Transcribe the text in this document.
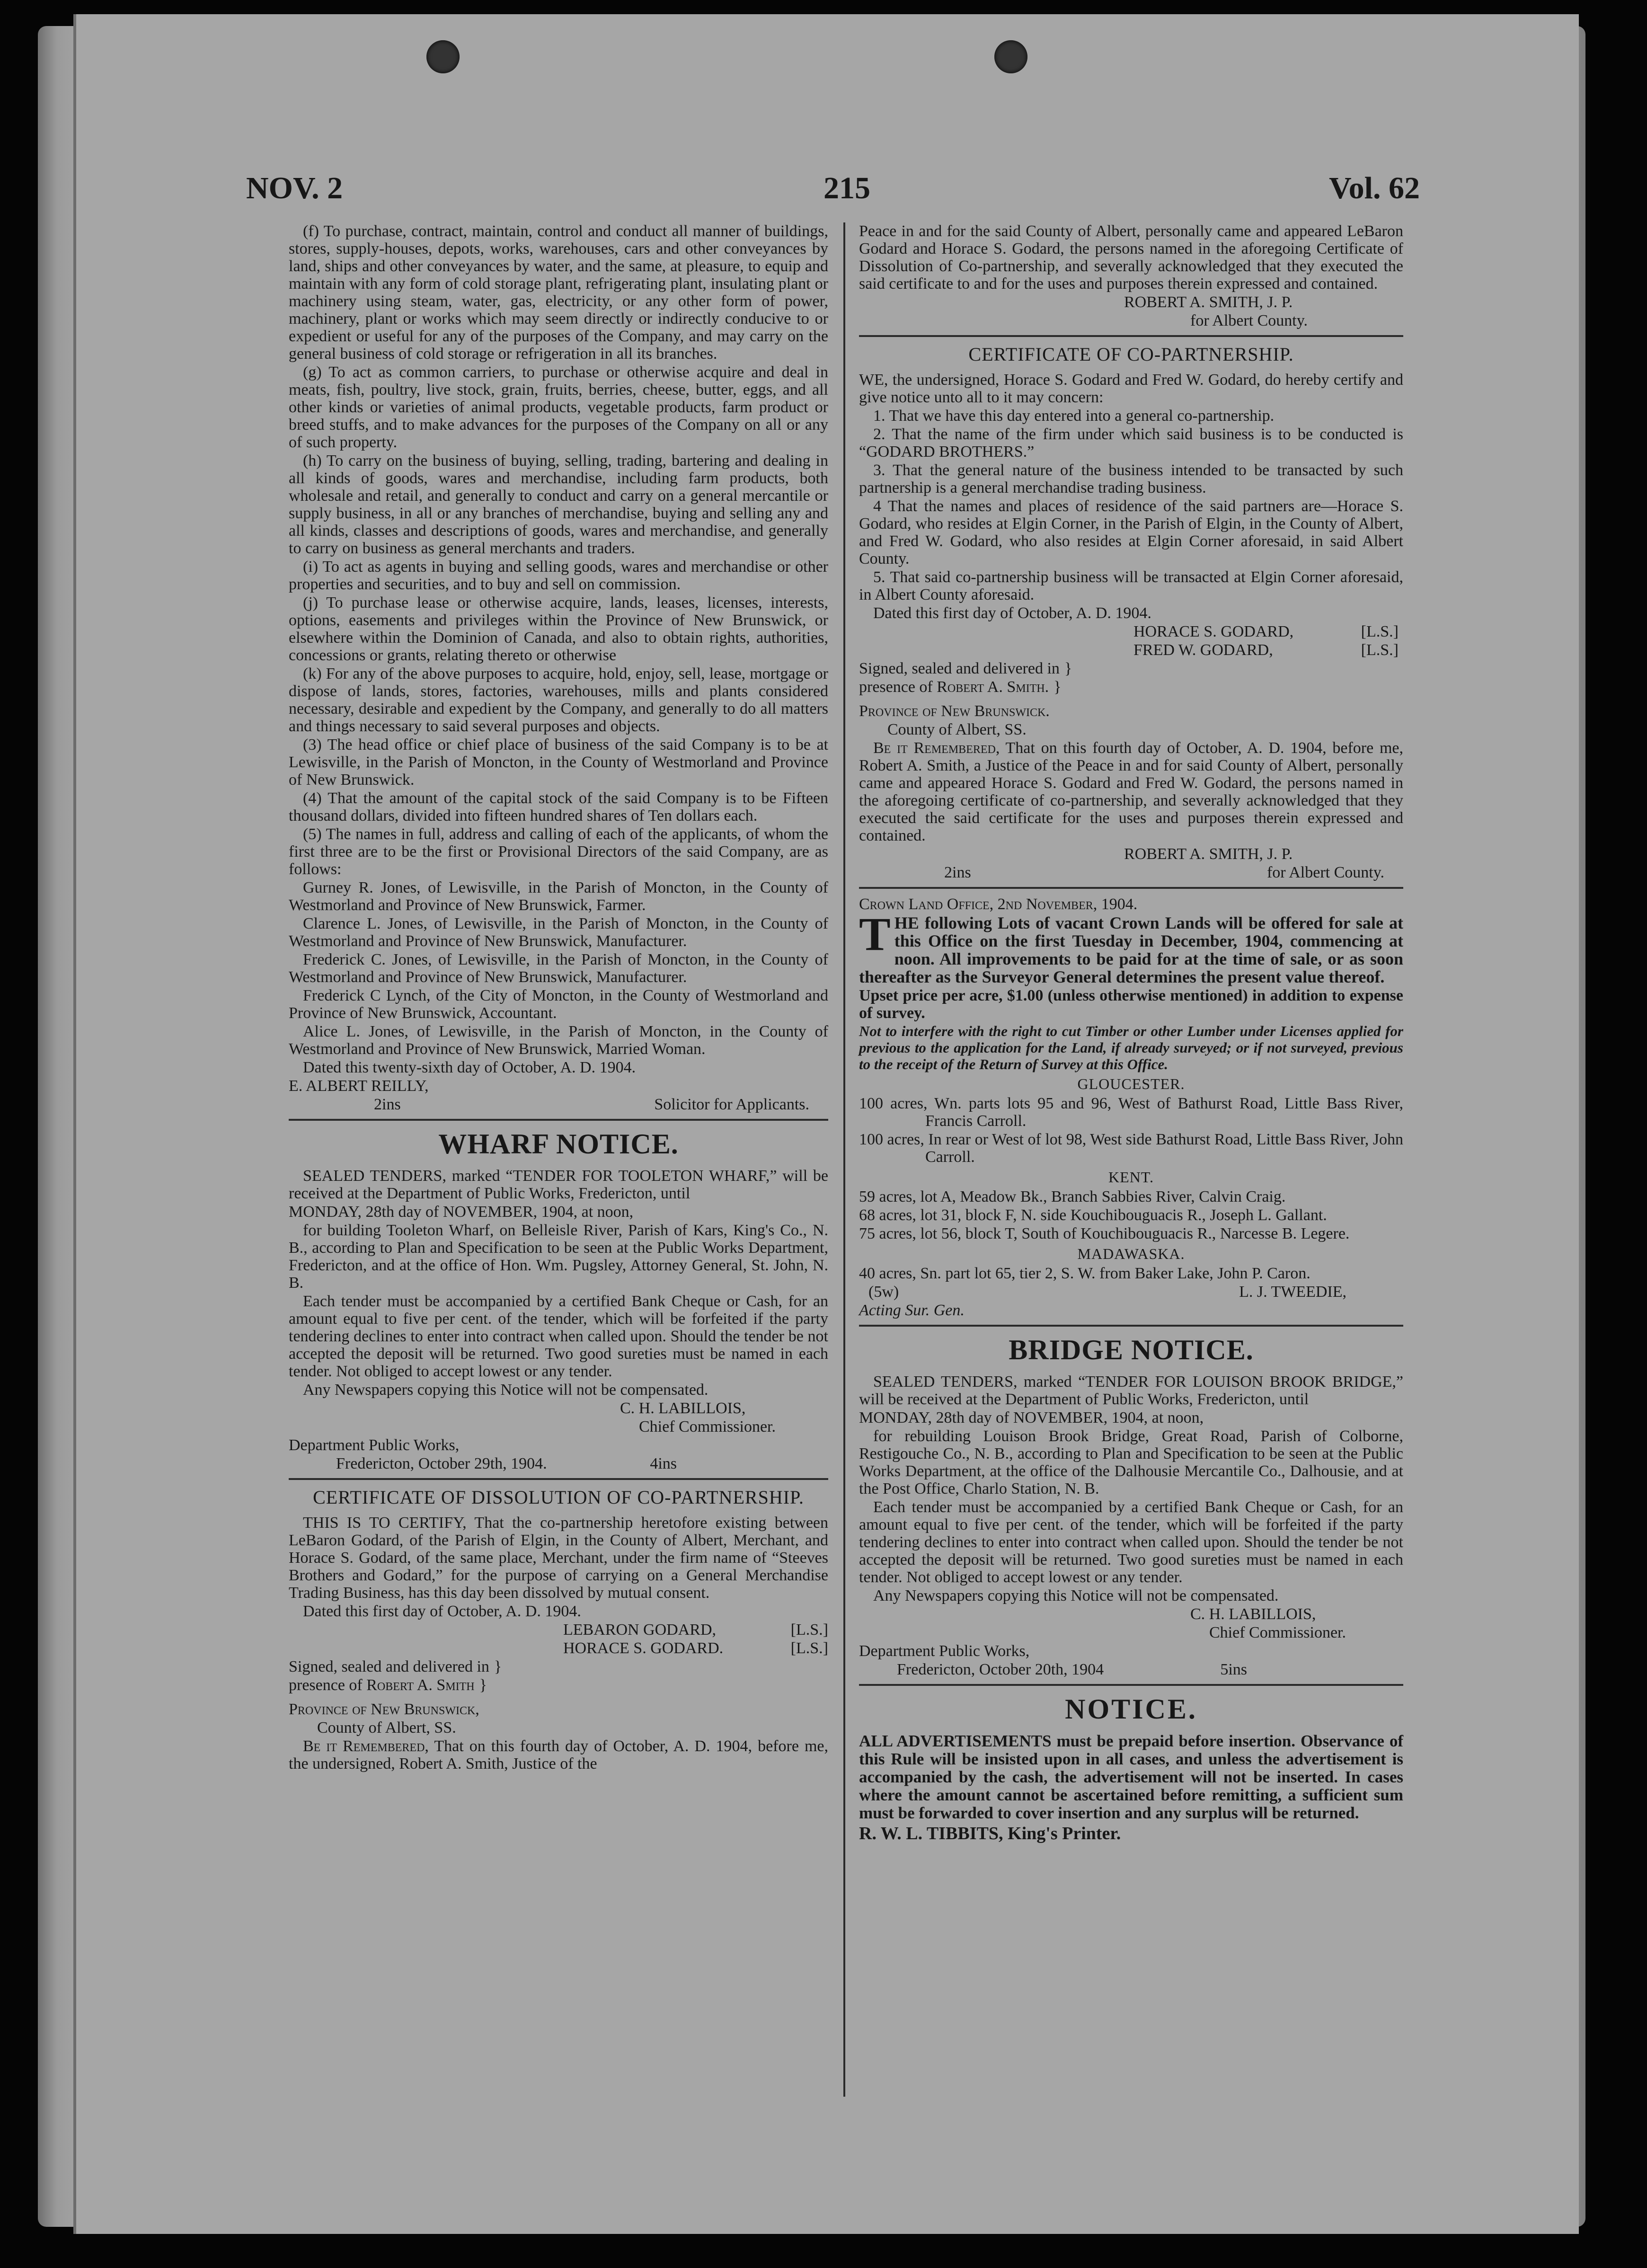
NOV. 2	215	Vol. 62

(f) To purchase, contract, maintain, control and conduct all manner of buildings, stores, supply-houses, depots, works, warehouses, cars and other conveyances by land, ships and other conveyances by water, and the same, at pleasure, to equip and maintain with any form of cold storage plant, refrigerating plant, insulating plant or machinery using steam, water, gas, electricity, or any other form of power, machinery, plant or works which may seem directly or indirectly conducive to or expedient or useful for any of the purposes of the Company, and may carry on the general business of cold storage or refrigeration in all its branches.

(g) To act as common carriers, to purchase or otherwise acquire and deal in meats, fish, poultry, live stock, grain, fruits, berries, cheese, butter, eggs, and all other kinds or varieties of animal products, vegetable products, farm product or breed stuffs, and to make advances for the purposes of the Company on all or any of such property.

(h) To carry on the business of buying, selling, trading, bartering and dealing in all kinds of goods, wares and merchandise, including farm products, both wholesale and retail, and generally to conduct and carry on a general mercantile or supply business, in all or any branches of merchandise, buying and selling any and all kinds, classes and descriptions of goods, wares and merchandise, and generally to carry on business as general merchants and traders.

(i) To act as agents in buying and selling goods, wares and merchandise or other properties and securities, and to buy and sell on commission.

(j) To purchase lease or otherwise acquire, lands, leases, licenses, interests, options, easements and privileges within the Province of New Brunswick, or elsewhere within the Dominion of Canada, and also to obtain rights, authorities, concessions or grants, relating thereto or otherwise

(k) For any of the above purposes to acquire, hold, enjoy, sell, lease, mortgage or dispose of lands, stores, factories, warehouses, mills and plants considered necessary, desirable and expedient by the Company, and generally to do all matters and things necessary to said several purposes and objects.

(3) The head office or chief place of business of the said Company is to be at Lewisville, in the Parish of Moncton, in the County of Westmorland and Province of New Brunswick.

(4) That the amount of the capital stock of the said Company is to be Fifteen thousand dollars, divided into fifteen hundred shares of Ten dollars each.

(5) The names in full, address and calling of each of the applicants, of whom the first three are to be the first or Provisional Directors of the said Company, are as follows:

Gurney R. Jones, of Lewisville, in the Parish of Moncton, in the County of Westmorland and Province of New Brunswick, Farmer.

Clarence L. Jones, of Lewisville, in the Parish of Moncton, in the County of Westmorland and Province of New Brunswick, Manufacturer.

Frederick C. Jones, of Lewisville, in the Parish of Moncton, in the County of Westmorland and Province of New Brunswick, Manufacturer.

Frederick C Lynch, of the City of Moncton, in the County of Westmorland and Province of New Brunswick, Accountant.

Alice L. Jones, of Lewisville, in the Parish of Moncton, in the County of Westmorland and Province of New Brunswick, Married Woman.

Dated this twenty-sixth day of October, A. D. 1904.

E. ALBERT REILLY,

2ins	Solicitor for Applicants.

WHARF NOTICE.

SEALED TENDERS, marked “TENDER FOR TOOLETON WHARF,” will be received at the Department of Public Works, Fredericton, until

MONDAY, 28th day of NOVEMBER, 1904, at noon,

for building Tooleton Wharf, on Belleisle River, Parish of Kars, King's Co., N. B., according to Plan and Specification to be seen at the Public Works Department, Fredericton, and at the office of Hon. Wm. Pugsley, Attorney General, St. John, N. B.

Each tender must be accompanied by a certified Bank Cheque or Cash, for an amount equal to five per cent. of the tender, which will be forfeited if the party tendering declines to enter into contract when called upon. Should the tender be not accepted the deposit will be returned. Two good sureties must be named in each tender. Not obliged to accept lowest or any tender.

Any Newspapers copying this Notice will not be compensated.

C. H. LABILLOIS,

Chief Commissioner.

Department Public Works,

Fredericton, October 29th, 1904.	4ins

CERTIFICATE OF DISSOLUTION OF CO-PARTNERSHIP.

THIS IS TO CERTIFY, That the co-partnership heretofore existing between LeBaron Godard, of the Parish of Elgin, in the County of Albert, Merchant, and Horace S. Godard, of the same place, Merchant, under the firm name of “Steeves Brothers and Godard,” for the purpose of carrying on a General Merchandise Trading Business, has this day been dissolved by mutual consent.

Dated this first day of October, A. D. 1904.

LEBARON GODARD,	[L.S.]

HORACE S. GODARD.	[L.S.]

Signed, sealed and delivered in }

presence of Robert A. Smith }

Province of New Brunswick,

County of Albert, SS.

Be it Remembered, That on this fourth day of October, A. D. 1904, before me, the undersigned, Robert A. Smith, Justice of the

Peace in and for the said County of Albert, personally came and appeared LeBaron Godard and Horace S. Godard, the persons named in the aforegoing Certificate of Dissolution of Co-partnership, and severally acknowledged that they executed the said certificate to and for the uses and purposes therein expressed and contained.

ROBERT A. SMITH, J. P.

for Albert County.

CERTIFICATE OF CO-PARTNERSHIP.

WE, the undersigned, Horace S. Godard and Fred W. Godard, do hereby certify and give notice unto all to it may concern:

1. That we have this day entered into a general co-partnership.

2. That the name of the firm under which said business is to be conducted is “GODARD BROTHERS.”

3. That the general nature of the business intended to be transacted by such partnership is a general merchandise trading business.

4 That the names and places of residence of the said partners are—Horace S. Godard, who resides at Elgin Corner, in the Parish of Elgin, in the County of Albert, and Fred W. Godard, who also resides at Elgin Corner aforesaid, in said Albert County.

5. That said co-partnership business will be transacted at Elgin Corner aforesaid, in Albert County aforesaid.

Dated this first day of October, A. D. 1904.

HORACE S. GODARD,	[L.S.]

FRED W. GODARD,	[L.S.]

Signed, sealed and delivered in }

presence of Robert A. Smith. }

Province of New Brunswick.

County of Albert, SS.

Be it Remembered, That on this fourth day of October, A. D. 1904, before me, Robert A. Smith, a Justice of the Peace in and for said County of Albert, personally came and appeared Horace S. Godard and Fred W. Godard, the persons named in the aforegoing certificate of co-partnership, and severally acknowledged that they executed the said certificate for the uses and purposes therein expressed and contained.

ROBERT A. SMITH, J. P.

2ins	for Albert County.

Crown Land Office, 2nd November, 1904.

THE following Lots of vacant Crown Lands will be offered for sale at this Office on the first Tuesday in December, 1904, commencing at noon. All improvements to be paid for at the time of sale, or as soon thereafter as the Surveyor General determines the present value thereof.

Upset price per acre, $1.00 (unless otherwise mentioned) in addition to expense of survey.

Not to interfere with the right to cut Timber or other Lumber under Licenses applied for previous to the application for the Land, if already surveyed; or if not surveyed, previous to the receipt of the Return of Survey at this Office.

GLOUCESTER.

100 acres, Wn. parts lots 95 and 96, West of Bathurst Road, Little Bass River, Francis Carroll.

100 acres, In rear or West of lot 98, West side Bathurst Road, Little Bass River, John Carroll.

KENT.

59 acres, lot A, Meadow Bk., Branch Sabbies River, Calvin Craig.

68 acres, lot 31, block F, N. side Kouchibouguacis R., Joseph L. Gallant.

75 acres, lot 56, block T, South of Kouchibouguacis R., Narcesse B. Legere.

MADAWASKA.

40 acres, Sn. part lot 65, tier 2, S. W. from Baker Lake, John P. Caron.

(5w)	L. J. TWEEDIE,

Acting Sur. Gen.

BRIDGE NOTICE.

SEALED TENDERS, marked “TENDER FOR LOUISON BROOK BRIDGE,” will be received at the Department of Public Works, Fredericton, until

MONDAY, 28th day of NOVEMBER, 1904, at noon,

for rebuilding Louison Brook Bridge, Great Road, Parish of Colborne, Restigouche Co., N. B., according to Plan and Specification to be seen at the Public Works Department, at the office of the Dalhousie Mercantile Co., Dalhousie, and at the Post Office, Charlo Station, N. B.

Each tender must be accompanied by a certified Bank Cheque or Cash, for an amount equal to five per cent. of the tender, which will be forfeited if the party tendering declines to enter into contract when called upon. Should the tender be not accepted the deposit will be returned. Two good sureties must be named in each tender. Not obliged to accept lowest or any tender.

Any Newspapers copying this Notice will not be compensated.

C. H. LABILLOIS,

Chief Commissioner.

Department Public Works,

Fredericton, October 20th, 1904	5ins

NOTICE.

ALL ADVERTISEMENTS must be prepaid before insertion. Observance of this Rule will be insisted upon in all cases, and unless the advertisement is accompanied by the cash, the advertisement will not be inserted. In cases where the amount cannot be ascertained before remitting, a sufficient sum must be forwarded to cover insertion and any surplus will be returned.

R. W. L. TIBBITS, King's Printer.
